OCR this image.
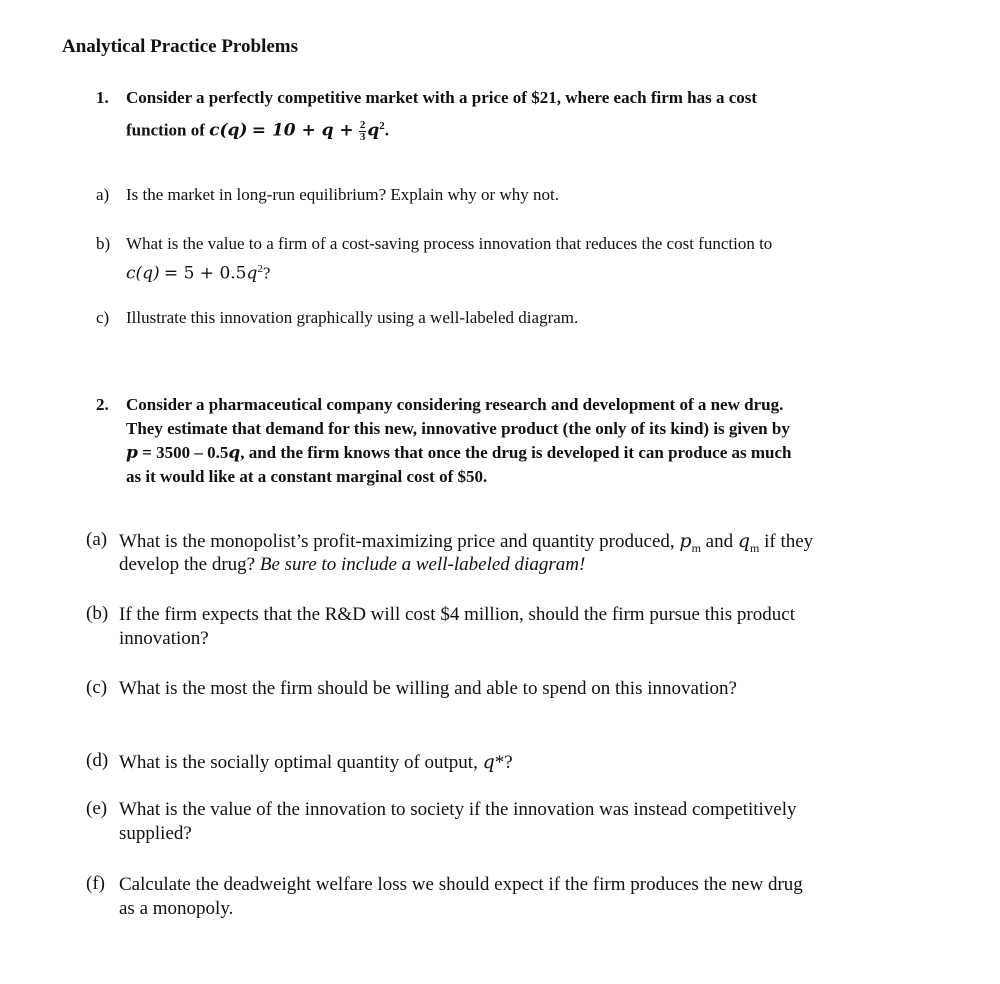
Analytical Practice Problems
1. Consider a perfectly competitive market with a price of $21, where each firm has a cost
function of $c(q) = 10 + q + \frac{2}{3} q^2$.
a) Is the market in long-run equilibrium? Explain why or why not.
b) What is the value to a firm of a cost-saving process innovation that reduces the cost function to
$c(q) = 5 + 0.5q^2$?
c) Illustrate this innovation graphically using a well-labeled diagram.
2. Consider a pharmaceutical company considering research and development of a new drug.
They estimate that demand for this new, innovative product (the only of its kind) is given by
p = 3500 – 0.5q, and the firm knows that once the drug is developed it can produce as much
as it would like at a constant marginal cost of $50.
(a) What is the monopolist’s profit-maximizing price and quantity produced, $p_m$ and $q_m$ if they
develop the drug? Be sure to include a well-labeled diagram!
(b) If the firm expects that the R&D will cost $4 million, should the firm pursue this product
innovation?
(c) What is the most the firm should be willing and able to spend on this innovation?
(d) What is the socially optimal quantity of output, q*?
(e) What is the value of the innovation to society if the innovation was instead competitively
supplied?
(f) Calculate the deadweight welfare loss we should expect if the firm produces the new drug
as a monopoly.
